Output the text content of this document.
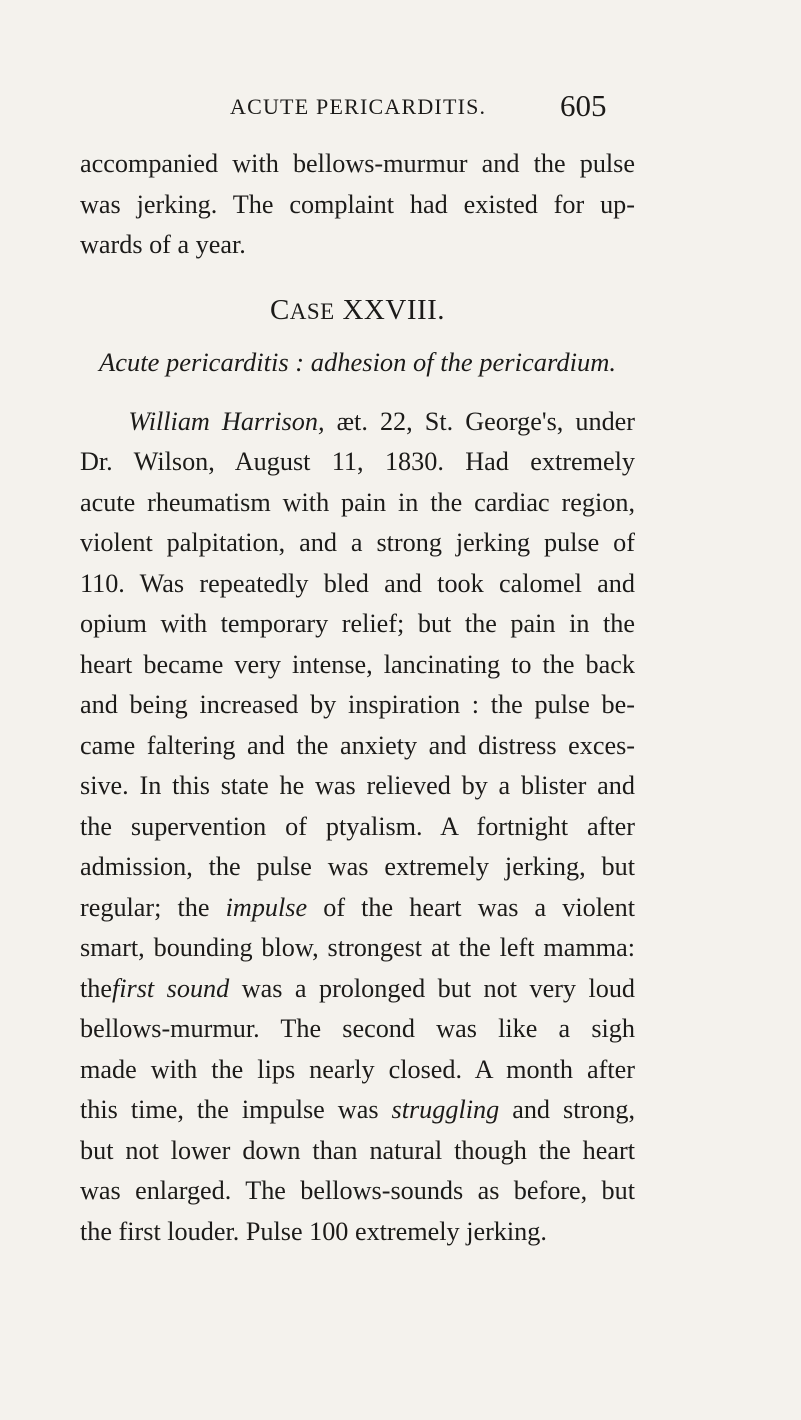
ACUTE PERICARDITIS. 605
accompanied with bellows-murmur and the pulse
was jerking. The complaint had existed for up-
wards of a year.
CASE XXVIII.
Acute pericarditis : adhesion of the pericardium.
William Harrison, æt. 22, St. George's, under
Dr. Wilson, August 11, 1830. Had extremely
acute rheumatism with pain in the cardiac region,
violent palpitation, and a strong jerking pulse of
110. Was repeatedly bled and took calomel and
opium with temporary relief; but the pain in the
heart became very intense, lancinating to the back
and being increased by inspiration : the pulse be-
came faltering and the anxiety and distress exces-
sive. In this state he was relieved by a blister and
the supervention of ptyalism. A fortnight after
admission, the pulse was extremely jerking, but
regular; the impulse of the heart was a violent
smart, bounding blow, strongest at the left mamma:
thefirst sound was a prolonged but not very loud
bellows-murmur. The second was like a sigh
made with the lips nearly closed. A month after
this time, the impulse was struggling and strong,
but not lower down than natural though the heart
was enlarged. The bellows-sounds as before, but
the first louder. Pulse 100 extremely jerking.
